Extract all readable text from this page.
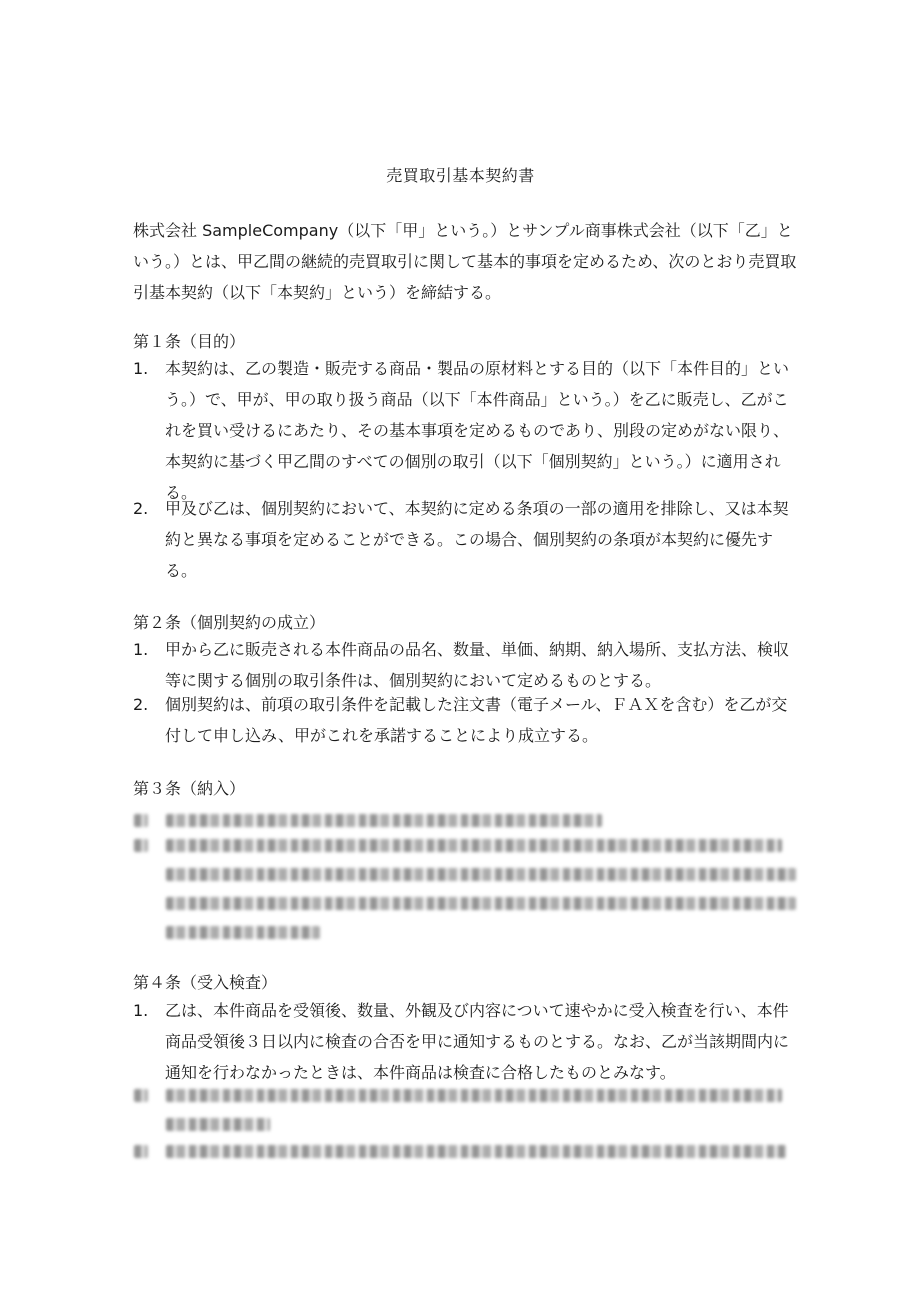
売買取引基本契約書

株式会社 SampleCompany（以下「甲」という。）とサンプル商事株式会社（以下「乙」という。）とは、甲乙間の継続的売買取引に関して基本的事項を定めるため、次のとおり売買取引基本契約（以下「本契約」という）を締結する。

第１条（目的）
1. 本契約は、乙の製造・販売する商品・製品の原材料とする目的（以下「本件目的」という。）で、甲が、甲の取り扱う商品（以下「本件商品」という。）を乙に販売し、乙がこれを買い受けるにあたり、その基本事項を定めるものであり、別段の定めがない限り、本契約に基づく甲乙間のすべての個別の取引（以下「個別契約」という。）に適用される。

2. 甲及び乙は、個別契約において、本契約に定める条項の一部の適用を排除し、又は本契約と異なる事項を定めることができる。この場合、個別契約の条項が本契約に優先する。

第２条（個別契約の成立）
1. 甲から乙に販売される本件商品の品名、数量、単価、納期、納入場所、支払方法、検収等に関する個別の取引条件は、個別契約において定めるものとする。

2. 個別契約は、前項の取引条件を記載した注文書（電子メール、ＦＡＸを含む）を乙が交付して申し込み、甲がこれを承諾することにより成立する。

第３条（納入）
第４条（受入検査）
1. 乙は、本件商品を受領後、数量、外観及び内容について速やかに受入検査を行い、本件商品受領後３日以内に検査の合否を甲に通知するものとする。なお、乙が当該期間内に通知を行わなかったときは、本件商品は検査に合格したものとみなす。
